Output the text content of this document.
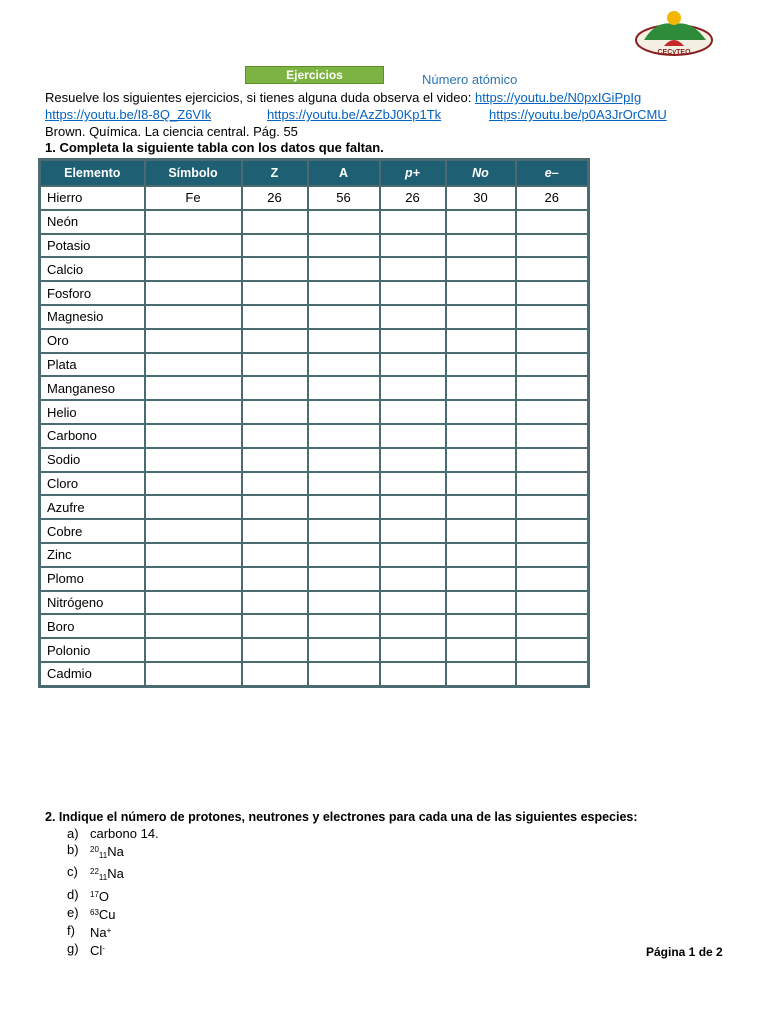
CECyTEO
Ejercicios	Número atómico
Resuelve los siguientes ejercicios, si tienes alguna duda observa el video: https://youtu.be/N0pxIGiPpIg
https://youtu.be/I8-8Q_Z6VIk	https://youtu.be/AzZbJ0Kp1Tk	https://youtu.be/p0A3JrOrCMU
Brown. Química. La ciencia central. Pág. 55
1. Completa la siguiente tabla con los datos que faltan.
Elemento	Símbolo	Z	A	p+	No	e–
Hierro	Fe	26	56	26	30	26
Neón						
Potasio						
Calcio						
Fosforo						
Magnesio						
Oro						
Plata						
Manganeso						
Helio						
Carbono						
Sodio						
Cloro						
Azufre						
Cobre						
Zinc						
Plomo						
Nitrógeno						
Boro						
Polonio						
Cadmio						
2. Indique el número de protones, neutrones y electrones para cada una de las siguientes especies:
a) carbono 14.
b)	$^{20}_{11}$Na
c)	$^{22}_{11}$Na
d)	$^{17}$O
e)	$^{63}$Cu
f)	Na+
g) Cl-	Página 1 de 2
